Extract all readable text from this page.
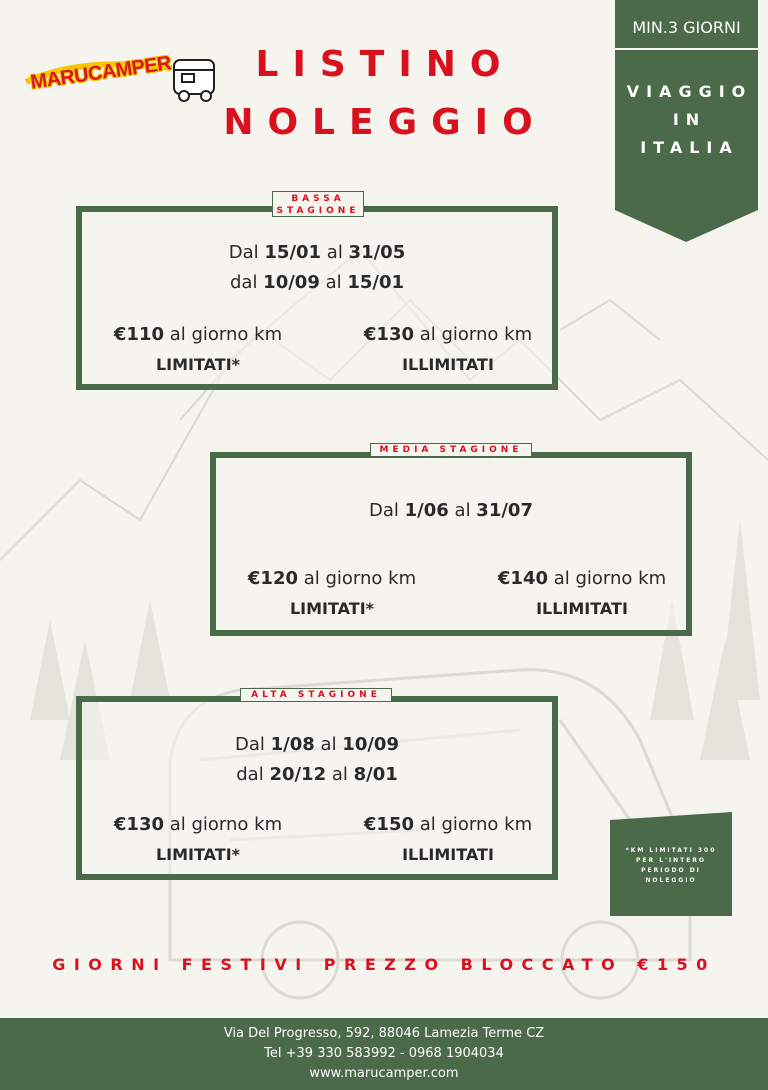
MARUCAMPER	LISTINO
NOLEGGIO
MIN.3 GIORNI
VIAGGIO
IN
ITALIA
Dal 15/01 al 31/05
dal 10/09 al 15/01
€110 al giorno km
LIMITATI*
€130 al giorno km
ILLIMITATI
BASSA
STAGIONE
Dal 1/06 al 31/07
€120 al giorno km
LIMITATI*
€140 al giorno km
ILLIMITATI
MEDIA STAGIONE
Dal 1/08 al 10/09
dal 20/12 al 8/01
€130 al giorno km
LIMITATI*
€150 al giorno km
ILLIMITATI
ALTA STAGIONE
*KM LIMITATI 300
PER L'INTERO
PERIODO DI
NOLEGGIO
GIORNI FESTIVI PREZZO BLOCCATO €150
Via Del Progresso, 592, 88046 Lamezia Terme CZ
Tel +39 330 583992 - 0968 1904034
www.marucamper.com
